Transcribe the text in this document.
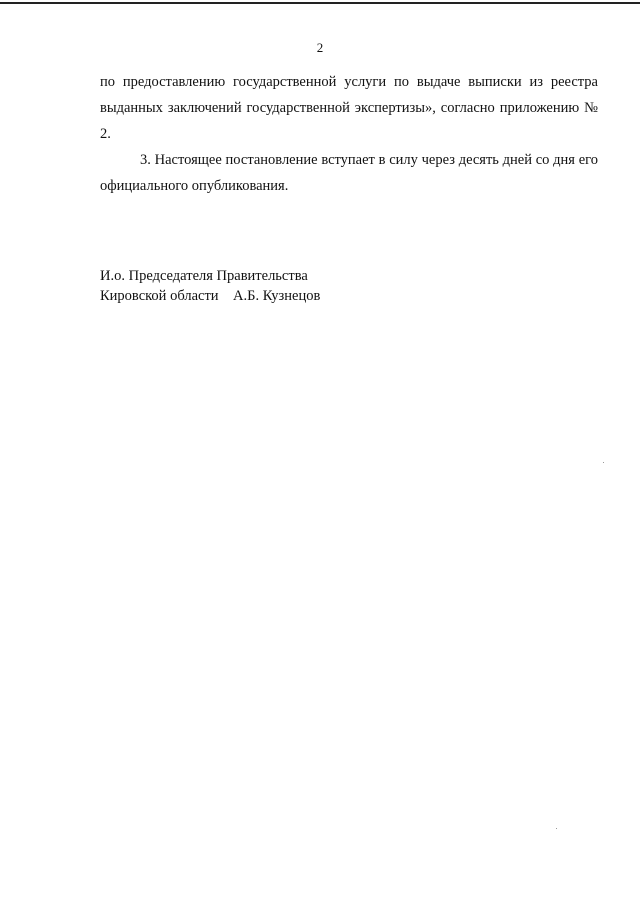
2

по предоставлению государственной услуги по выдаче выписки из реестра выданных заключений государственной экспертизы», согласно приложению № 2.

3. Настоящее постановление вступает в силу через десять дней со дня его официального опубликования.

И.о. Председателя Правительства
Кировской области А.Б. Кузнецов
